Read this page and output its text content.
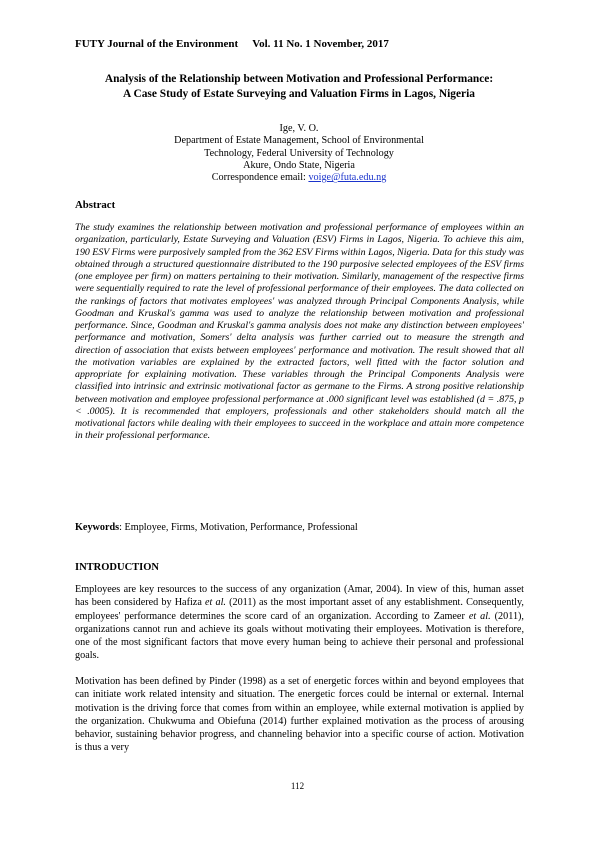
FUTY Journal of the Environment Vol. 11 No. 1 November, 2017
Analysis of the Relationship between Motivation and Professional Performance:
A Case Study of Estate Surveying and Valuation Firms in Lagos, Nigeria
Ige, V. O.
Department of Estate Management, School of Environmental
Technology, Federal University of Technology
Akure, Ondo State, Nigeria
Correspondence email: voige@futa.edu.ng
Abstract

The study examines the relationship between motivation and professional performance of employees within an organization, particularly, Estate Surveying and Valuation (ESV) Firms in Lagos, Nigeria. To achieve this aim, 190 ESV Firms were purposively sampled from the 362 ESV Firms within Lagos, Nigeria. Data for this study was obtained through a structured questionnaire distributed to the 190 purposive selected employees of the ESV firms (one employee per firm) on matters pertaining to their motivation. Similarly, management of the respective firms were sequentially required to rate the level of professional performance of their employees. The data collected on the rankings of factors that motivates employees' was analyzed through Principal Components Analysis, while Goodman and Kruskal's gamma was used to analyze the relationship between motivation and professional performance. Since, Goodman and Kruskal's gamma analysis does not make any distinction between employees' performance and motivation, Somers' delta analysis was further carried out to measure the strength and direction of association that exists between employees' performance and motivation. The result showed that all the motivation variables are explained by the extracted factors, well fitted with the factor solution and appropriate for explaining motivation. These variables through the Principal Components Analysis were classified into intrinsic and extrinsic motivational factor as germane to the Firms. A strong positive relationship between motivation and employee professional performance at .000 significant level was established (d = .875, p < .0005). It is recommended that employers, professionals and other stakeholders should match all the motivational factors while dealing with their employees to succeed in the workplace and attain more competence in their professional performance.

Keywords: Employee, Firms, Motivation, Performance, Professional
INTRODUCTION

Employees are key resources to the success of any organization (Amar, 2004). In view of this, human asset has been considered by Hafiza et al. (2011) as the most important asset of any establishment. Consequently, employees' performance determines the score card of an organization. According to Zameer et al. (2011), organizations cannot run and achieve its goals without motivating their employees. Motivation is therefore, one of the most significant factors that move every human being to achieve their personal and professional goals.

Motivation has been defined by Pinder (1998) as a set of energetic forces within and beyond employees that can initiate work related intensity and situation. The energetic forces could be internal or external. Internal motivation is the driving force that comes from within an employee, while external motivation is applied by the organization. Chukwuma and Obiefuna (2014) further explained motivation as the process of arousing behavior, sustaining behavior progress, and channeling behavior into a specific course of action. Motivation is thus a very

112
